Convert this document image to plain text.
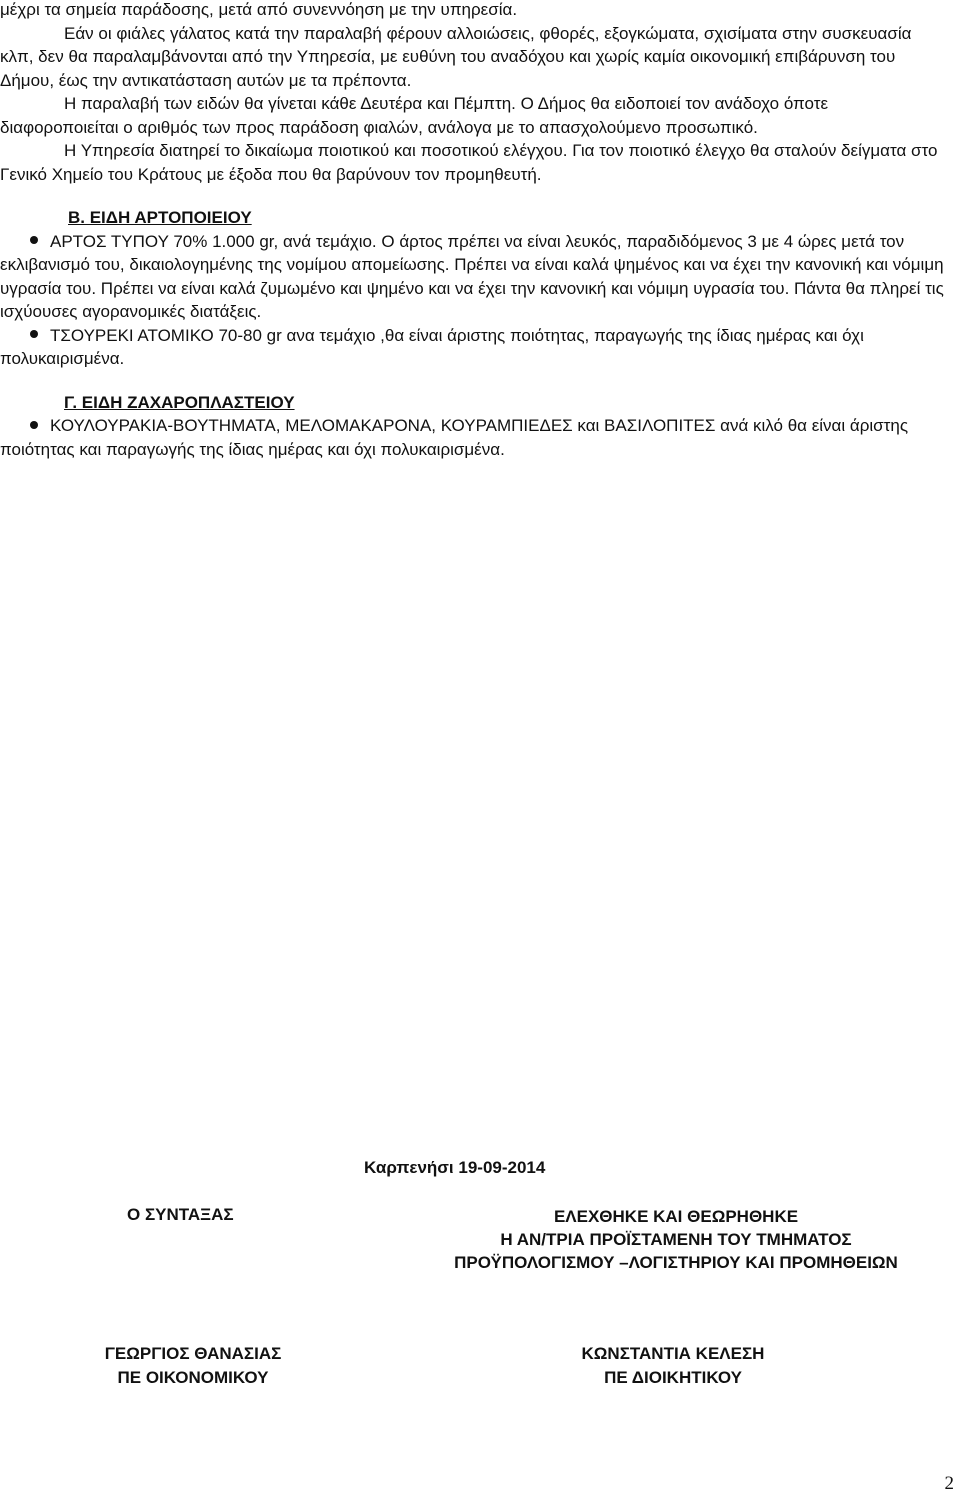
μέχρι τα σημεία παράδοσης, μετά από συνεννόηση με την υπηρεσία.

Εάν οι φιάλες γάλατος κατά την παραλαβή φέρουν αλλοιώσεις, φθορές, εξογκώματα, σχισίματα στην συσκευασία κλπ, δεν θα παραλαμβάνονται από την Υπηρεσία, με ευθύνη του αναδόχου και χωρίς καμία οικονομική επιβάρυνση του Δήμου, έως την αντικατάσταση αυτών με τα πρέποντα.

Η παραλαβή των ειδών θα γίνεται κάθε Δευτέρα και Πέμπτη. Ο Δήμος θα ειδοποιεί τον ανάδοχο όποτε διαφοροποιείται ο αριθμός των προς παράδοση φιαλών, ανάλογα με το απασχολούμενο προσωπικό.

Η Υπηρεσία διατηρεί το δικαίωμα ποιοτικού και ποσοτικού ελέγχου. Για τον ποιοτικό έλεγχο θα σταλούν δείγματα στο Γενικό Χημείο του Κράτους με έξοδα που θα βαρύνουν τον προμηθευτή.

Β. ΕΙΔΗ ΑΡΤΟΠΟΙΕΙΟΥ

ΑΡΤΟΣ ΤΥΠΟΥ 70% 1.000 gr, ανά τεμάχιο. Ο άρτος πρέπει να είναι λευκός, παραδιδόμενος 3 με 4 ώρες μετά τον εκλιβανισμό του, δικαιολογημένης της νομίμου απομείωσης. Πρέπει να είναι καλά ψημένος και να έχει την κανονική και νόμιμη υγρασία του. Πρέπει να είναι καλά ζυμωμένο και ψημένο και να έχει την κανονική και νόμιμη υγρασία του. Πάντα θα πληρεί τις ισχύουσες αγορανομικές διατάξεις.

ΤΣΟΥΡΕΚΙ ΑΤΟΜΙΚΟ 70-80 gr ανα τεμάχιο ,θα είναι άριστης ποιότητας, παραγωγής της ίδιας ημέρας και όχι πολυκαιρισμένα.

Γ. ΕΙΔΗ ΖΑΧΑΡΟΠΛΑΣΤΕΙΟΥ

ΚΟΥΛΟΥΡΑΚΙΑ-ΒΟΥΤΗΜΑΤΑ, ΜΕΛΟΜΑΚΑΡΟΝΑ, ΚΟΥΡΑΜΠΙΕΔΕΣ και ΒΑΣΙΛΟΠΙΤΕΣ ανά κιλό θα είναι άριστης ποιότητας και παραγωγής της ίδιας ημέρας και όχι πολυκαιρισμένα.

Καρπενήσι 19-09-2014
Ο ΣΥΝΤΑΞΑΣ	ΕΛΕΧΘΗΚΕ ΚΑΙ ΘΕΩΡΗΘΗΚΕ
Η ΑΝ/ΤΡΙΑ ΠΡΟΪΣΤΑΜΕΝΗ ΤΟΥ ΤΜΗΜΑΤΟΣ
ΠΡΟΫΠΟΛΟΓΙΣΜΟΥ –ΛΟΓΙΣΤΗΡΙΟΥ ΚΑΙ ΠΡΟΜΗΘΕΙΩΝ
ΓΕΩΡΓΙΟΣ ΘΑΝΑΣΙΑΣ
ΠΕ ΟΙΚΟΝΟΜΙΚΟΥ
ΚΩΝΣΤΑΝΤΙΑ ΚΕΛΕΣΗ
ΠΕ ΔΙΟΙΚΗΤΙΚΟΥ
2
